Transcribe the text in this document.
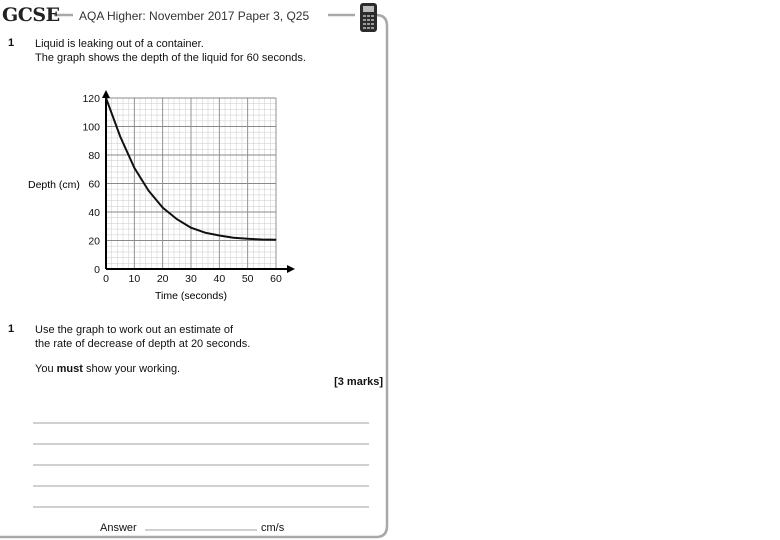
GCSE AQA Higher: November 2017 Paper 3, Q25
1 Liquid is leaking out of a container.
The graph shows the depth of the liquid for 60 seconds.
0 10 20 30 40 50 60
0
20
40
60
80
100
120
Depth (cm)
Time (seconds)
1 Use the graph to work out an estimate of
the rate of decrease of depth at 20 seconds.
You must show your working.
[3 marks]
Answer	cm/s
